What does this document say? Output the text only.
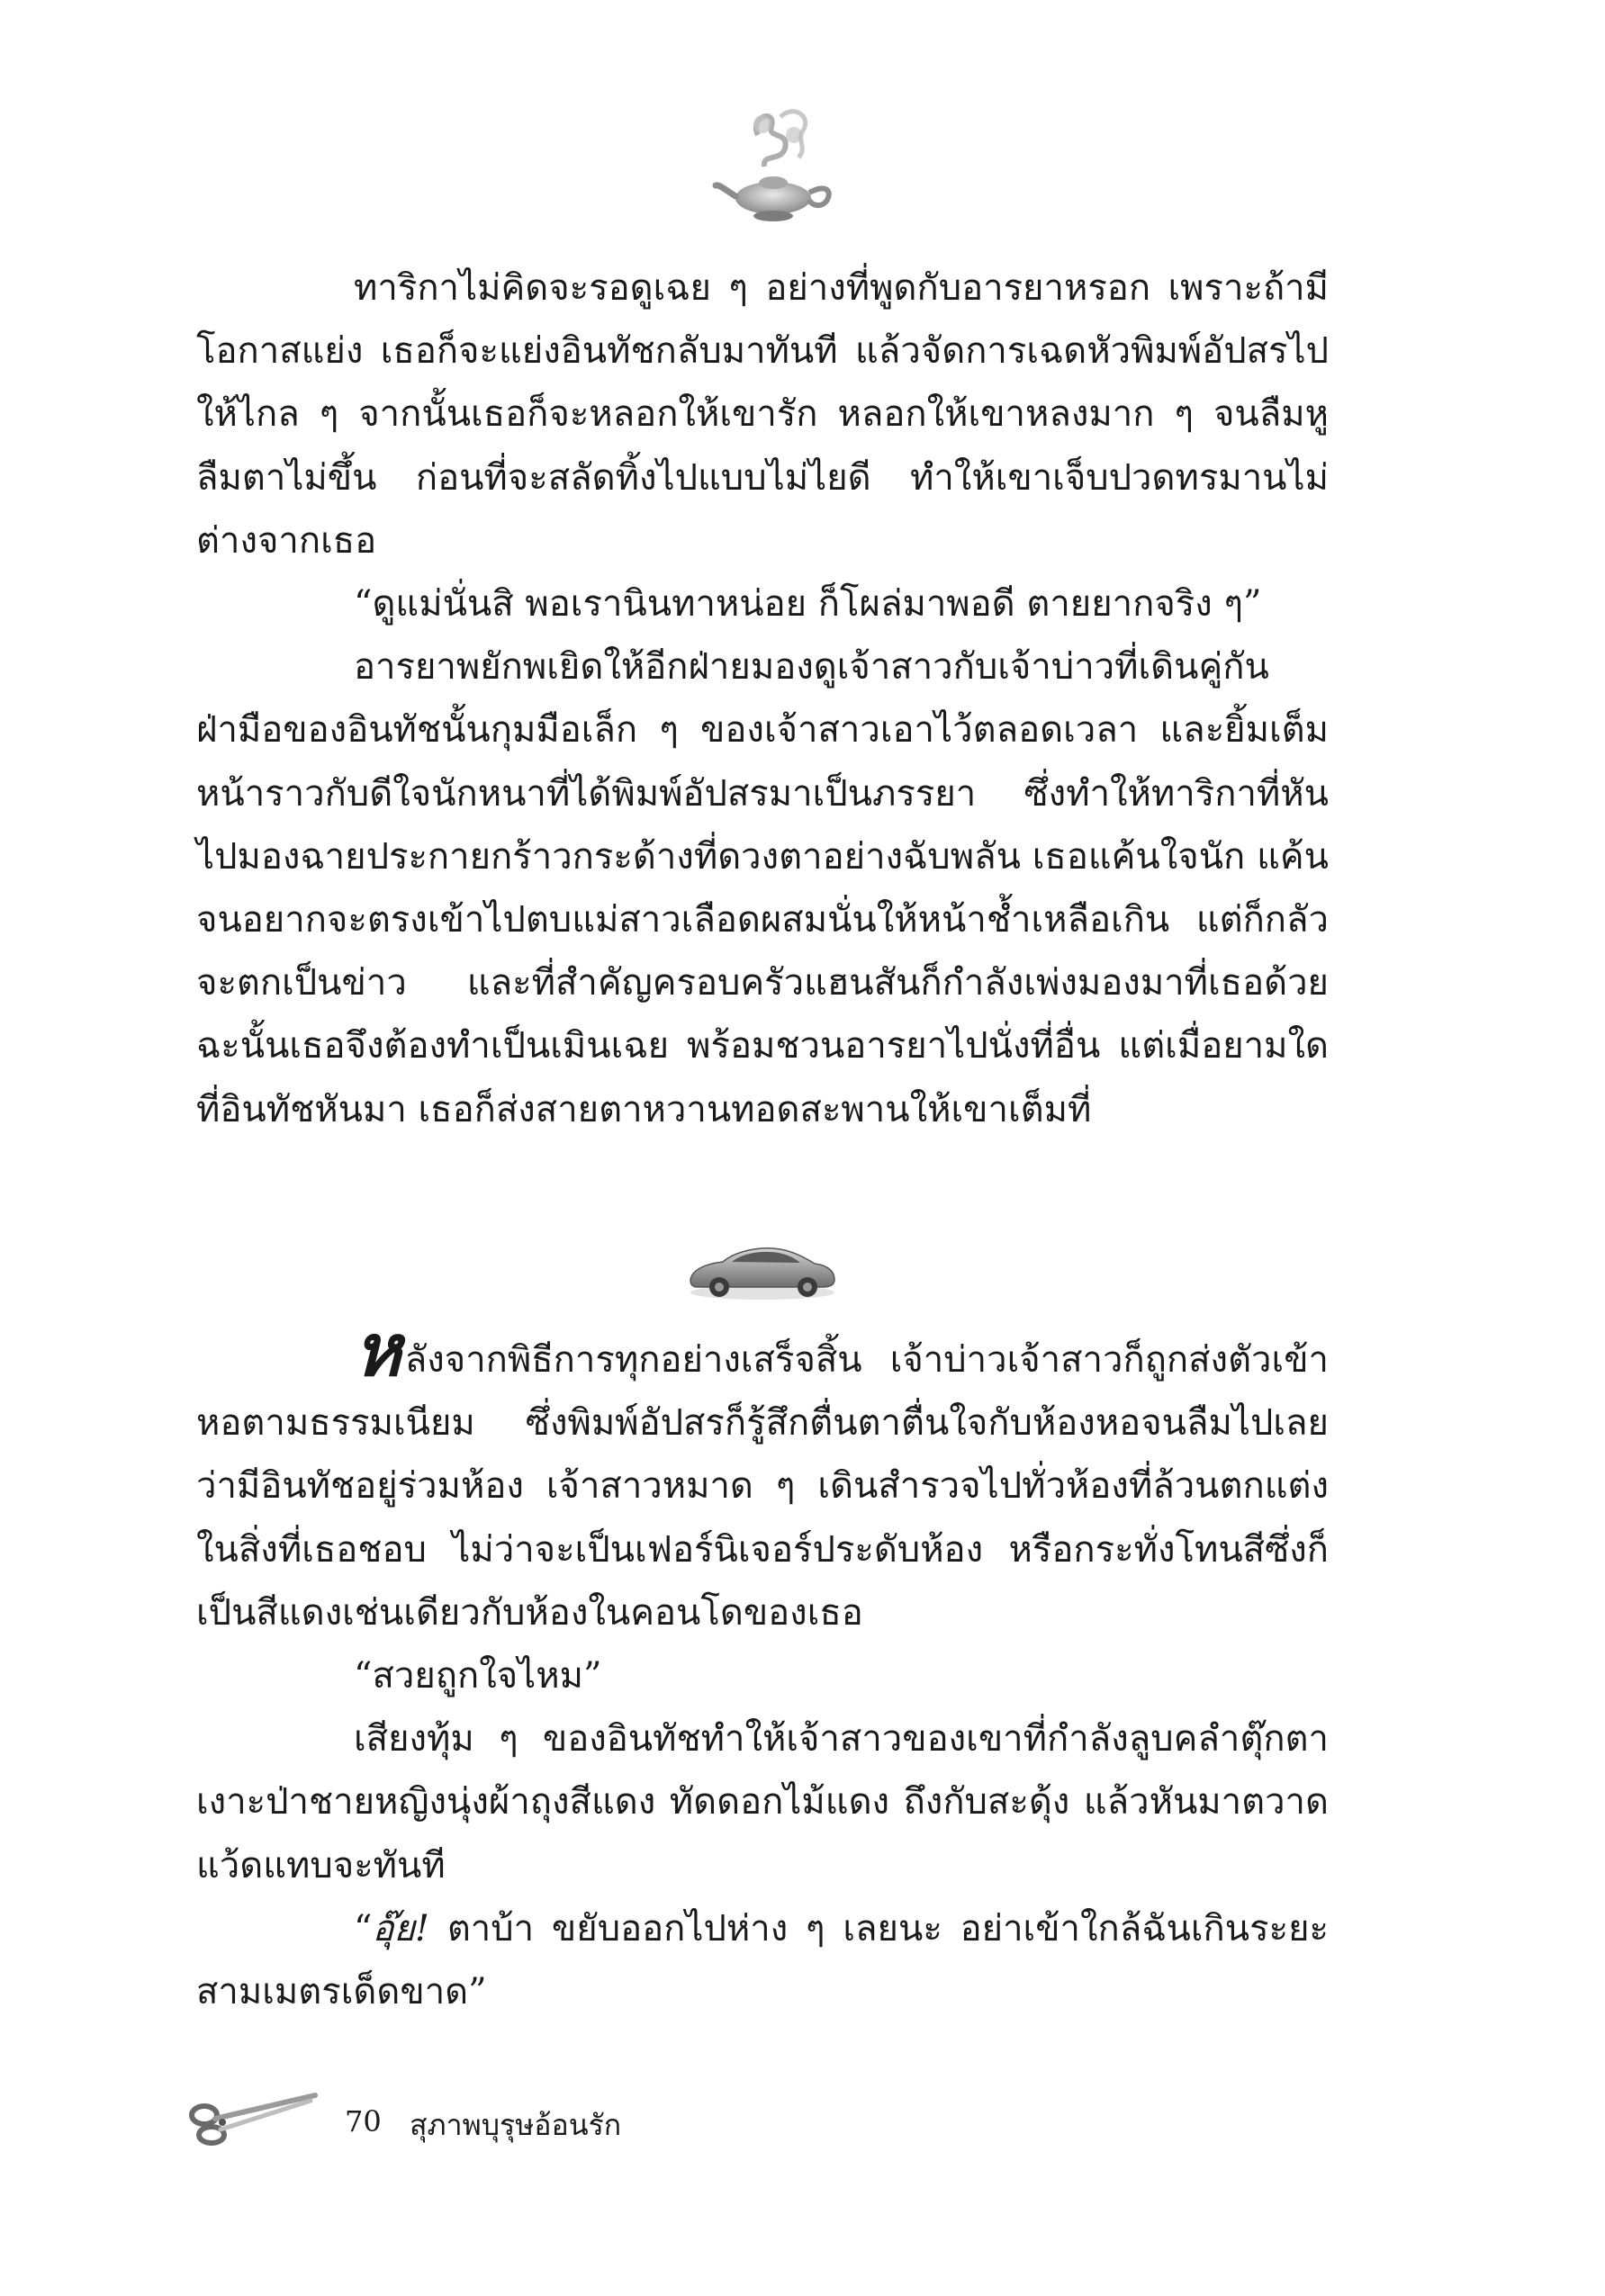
ทาริกาไม่คิดจะรอดูเฉย ๆ อย่างที่พูดกับอารยาหรอก เพราะถ้ามีโอกาสแย่ง เธอก็จะแย่งอินทัชกลับมาทันที แล้วจัดการเฉดหัวพิมพ์อัปสรไปให้ไกล ๆ จากนั้นเธอก็จะหลอกให้เขารัก หลอกให้เขาหลงมาก ๆ จนลืมหูลืมตาไม่ขึ้น ก่อนที่จะสลัดทิ้งไปแบบไม่ไยดี ทำให้เขาเจ็บปวดทรมานไม่ต่างจากเธอ

“ดูแม่นั่นสิ พอเรานินทาหน่อย ก็โผล่มาพอดี ตายยากจริง ๆ”

อารยาพยักพเยิดให้อีกฝ่ายมองดูเจ้าสาวกับเจ้าบ่าวที่เดินคู่กัน ฝ่ามือของอินทัชนั้นกุมมือเล็ก ๆ ของเจ้าสาวเอาไว้ตลอดเวลา และยิ้มเต็มหน้าราวกับดีใจนักหนาที่ได้พิมพ์อัปสรมาเป็นภรรยา ซึ่งทำให้ทาริกาที่หันไปมองฉายประกายกร้าวกระด้างที่ดวงตาอย่างฉับพลัน เธอแค้นใจนัก แค้นจนอยากจะตรงเข้าไปตบแม่สาวเลือดผสมนั่นให้หน้าช้ำเหลือเกิน แต่ก็กลัวจะตกเป็นข่าว และที่สำคัญครอบครัวแฮนสันก็กำลังเพ่งมองมาที่เธอด้วย ฉะนั้นเธอจึงต้องทำเป็นเมินเฉย พร้อมชวนอารยาไปนั่งที่อื่น แต่เมื่อยามใดที่อินทัชหันมา เธอก็ส่งสายตาหวานทอดสะพานให้เขาเต็มที่

หลังจากพิธีการทุกอย่างเสร็จสิ้น เจ้าบ่าวเจ้าสาวก็ถูกส่งตัวเข้าหอตามธรรมเนียม ซึ่งพิมพ์อัปสรก็รู้สึกตื่นตาตื่นใจกับห้องหอจนลืมไปเลยว่ามีอินทัชอยู่ร่วมห้อง เจ้าสาวหมาด ๆ เดินสำรวจไปทั่วห้องที่ล้วนตกแต่งในสิ่งที่เธอชอบ ไม่ว่าจะเป็นเฟอร์นิเจอร์ประดับห้อง หรือกระทั่งโทนสีซึ่งก็เป็นสีแดงเช่นเดียวกับห้องในคอนโดของเธอ

“สวยถูกใจไหม”

เสียงทุ้ม ๆ ของอินทัชทำให้เจ้าสาวของเขาที่กำลังลูบคลำตุ๊กตาเงาะป่าชายหญิงนุ่งผ้าถุงสีแดง ทัดดอกไม้แดง ถึงกับสะดุ้ง แล้วหันมาตวาดแว้ดแทบจะทันที

“อุ๊ย! ตาบ้า ขยับออกไปห่าง ๆ เลยนะ อย่าเข้าใกล้ฉันเกินระยะสามเมตรเด็ดขาด”

70 สุภาพบุรุษอ้อนรัก
